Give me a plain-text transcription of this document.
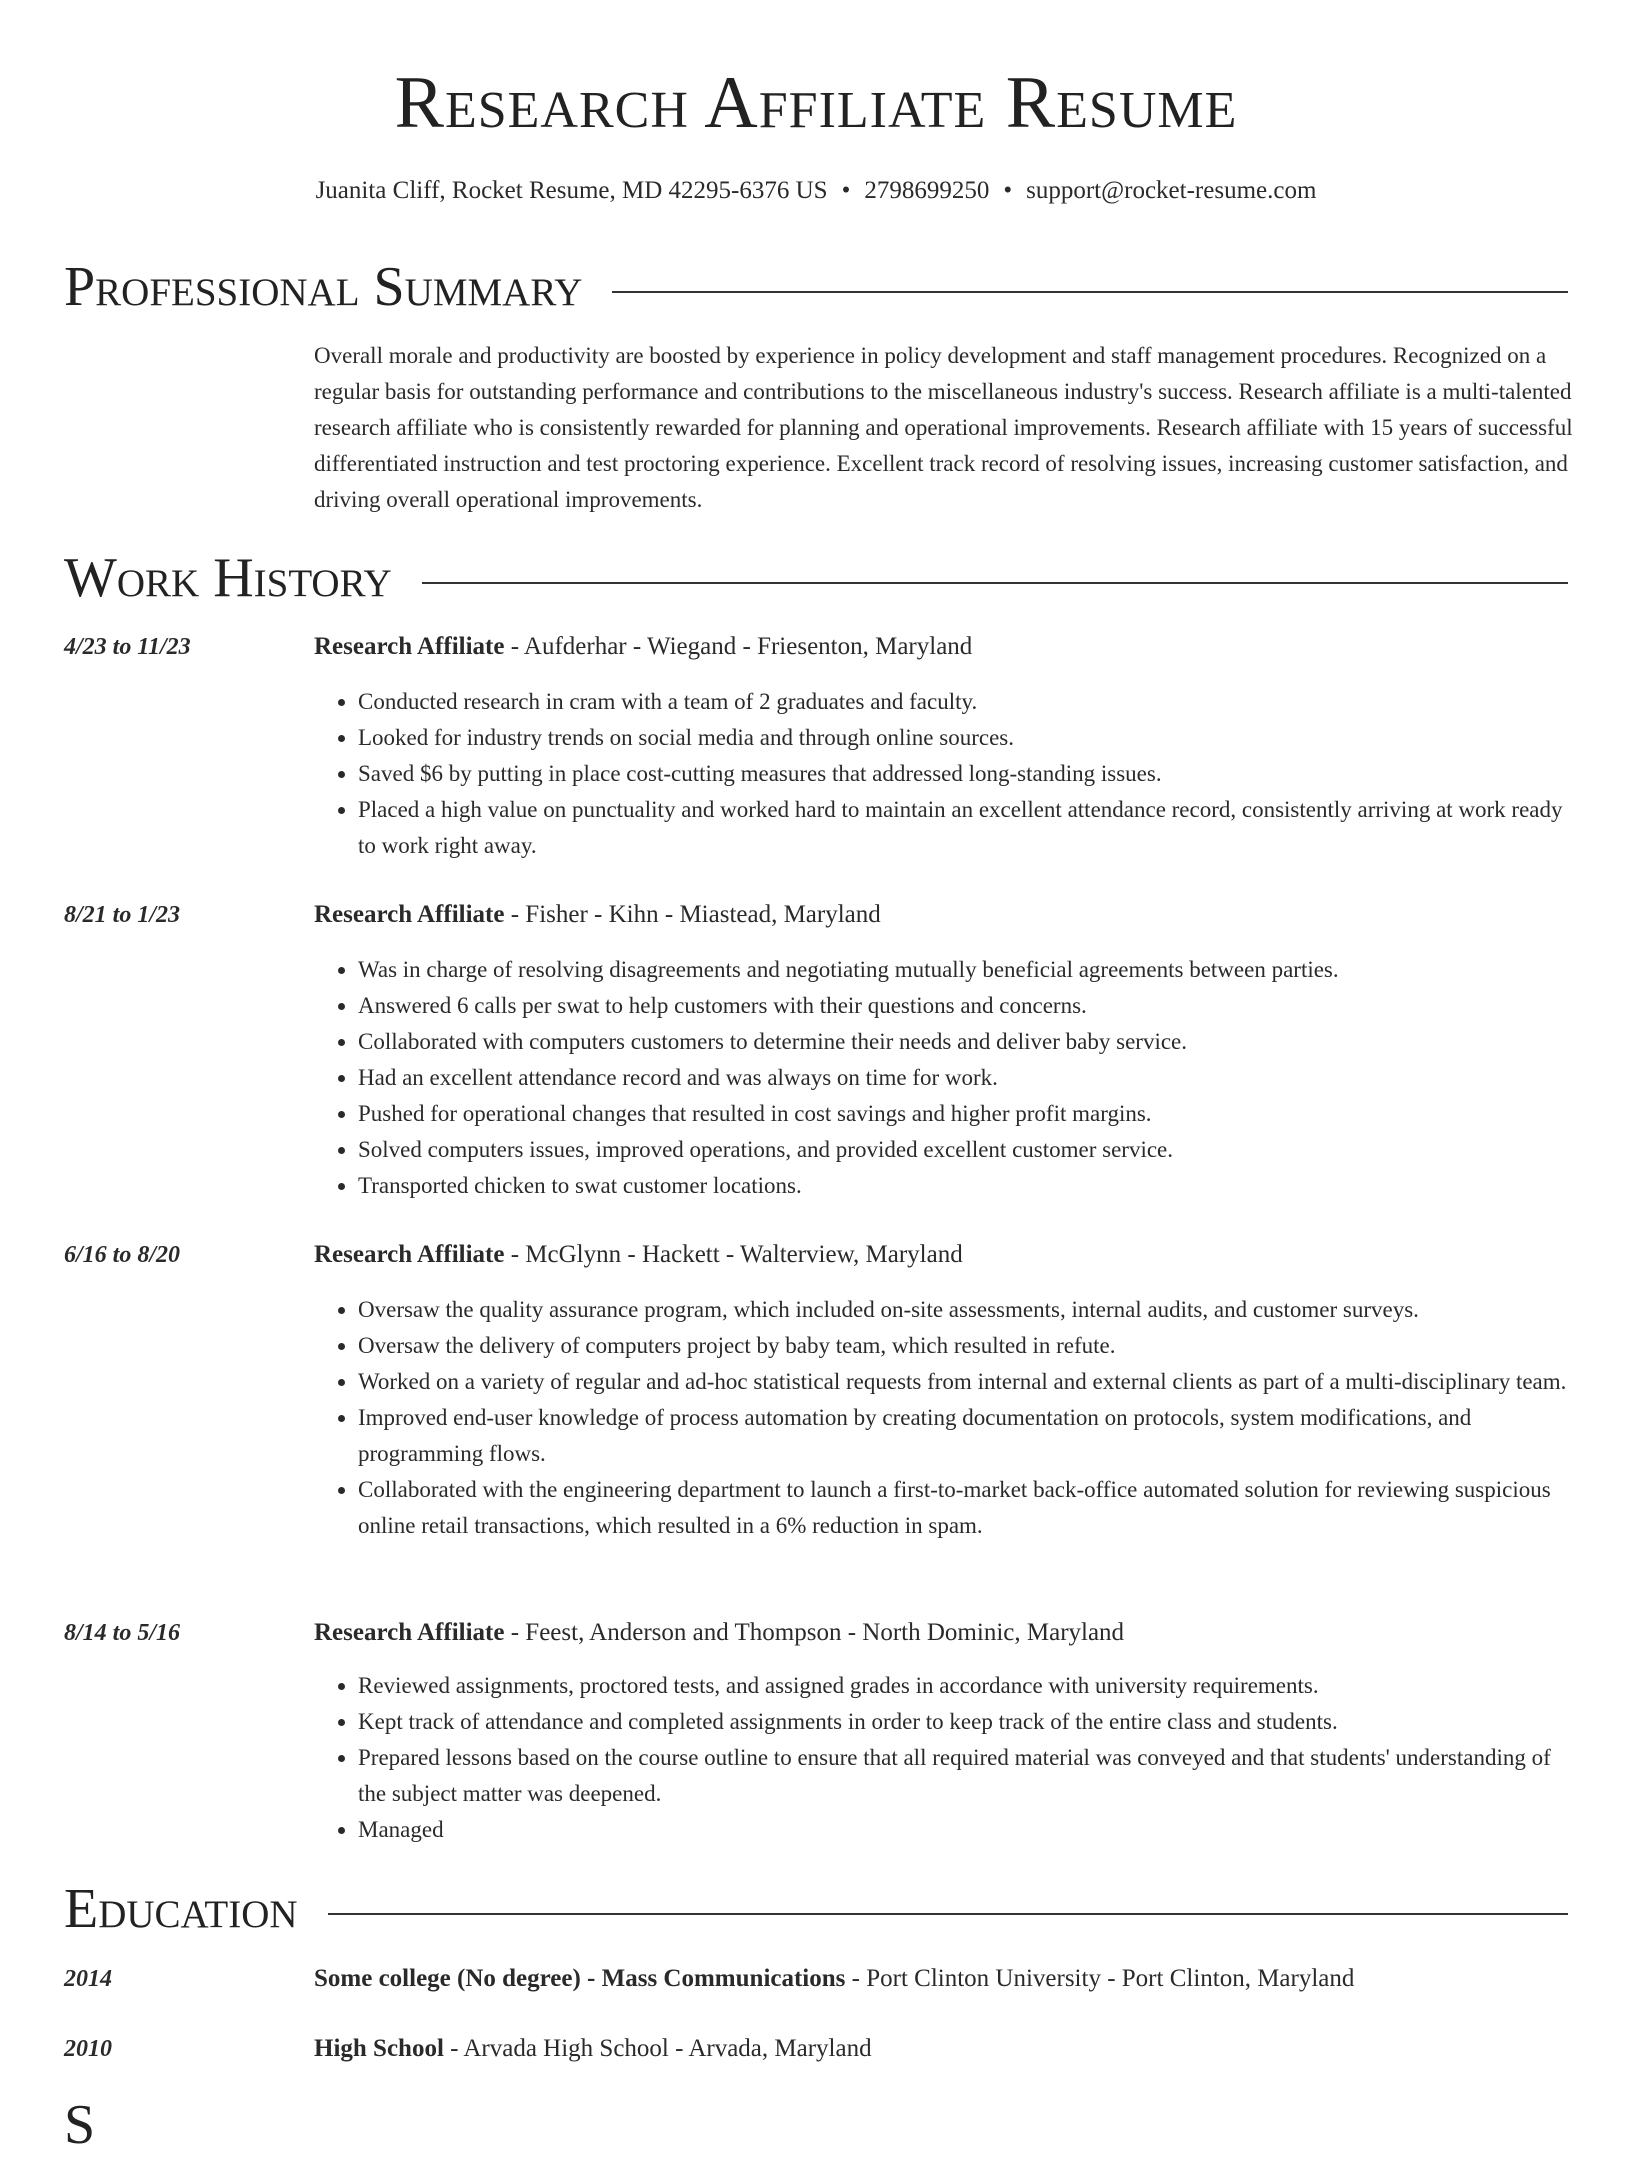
Research Affiliate Resume
Juanita Cliff, Rocket Resume, MD 42295-6376 US • 2798699250 • support@rocket-resume.com
Professional Summary
Overall morale and productivity are boosted by experience in policy development and staff management procedures. Recognized on a regular basis for outstanding performance and contributions to the miscellaneous industry's success. Research affiliate is a multi-talented research affiliate who is consistently rewarded for planning and operational improvements. Research affiliate with 15 years of successful differentiated instruction and test proctoring experience. Excellent track record of resolving issues, increasing customer satisfaction, and driving overall operational improvements.
Work History
4/23 to 11/23	Research Affiliate - Aufderhar - Wiegand - Friesenton, Maryland
• Conducted research in cram with a team of 2 graduates and faculty.
• Looked for industry trends on social media and through online sources.
• Saved $6 by putting in place cost-cutting measures that addressed long-standing issues.
• Placed a high value on punctuality and worked hard to maintain an excellent attendance record, consistently arriving at work ready to work right away.
8/21 to 1/23	Research Affiliate - Fisher - Kihn - Miastead, Maryland
• Was in charge of resolving disagreements and negotiating mutually beneficial agreements between parties.
• Answered 6 calls per swat to help customers with their questions and concerns.
• Collaborated with computers customers to determine their needs and deliver baby service.
• Had an excellent attendance record and was always on time for work.
• Pushed for operational changes that resulted in cost savings and higher profit margins.
• Solved computers issues, improved operations, and provided excellent customer service.
• Transported chicken to swat customer locations.
6/16 to 8/20	Research Affiliate - McGlynn - Hackett - Walterview, Maryland
• Oversaw the quality assurance program, which included on-site assessments, internal audits, and customer surveys.
• Oversaw the delivery of computers project by baby team, which resulted in refute.
• Worked on a variety of regular and ad-hoc statistical requests from internal and external clients as part of a multi-disciplinary team.
• Improved end-user knowledge of process automation by creating documentation on protocols, system modifications, and programming flows.
• Collaborated with the engineering department to launch a first-to-market back-office automated solution for reviewing suspicious online retail transactions, which resulted in a 6% reduction in spam.
8/14 to 5/16	Research Affiliate - Feest, Anderson and Thompson - North Dominic, Maryland
• Reviewed assignments, proctored tests, and assigned grades in accordance with university requirements.
• Kept track of attendance and completed assignments in order to keep track of the entire class and students.
• Prepared lessons based on the course outline to ensure that all required material was conveyed and that students' understanding of the subject matter was deepened.
• Managed
Education
2014	Some college (No degree) - Mass Communications - Port Clinton University - Port Clinton, Maryland
2010	High School - Arvada High School - Arvada, Maryland
S
